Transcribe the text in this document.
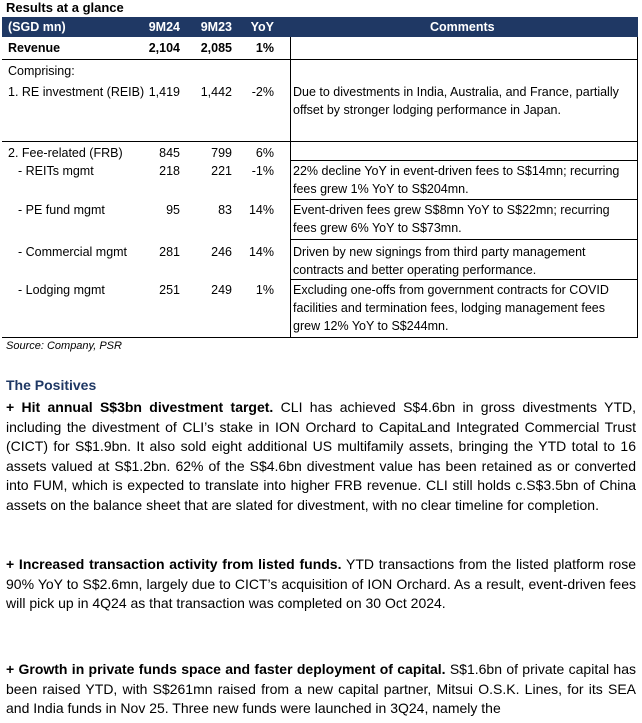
Results at a glance
(SGD mn)	9M24	9M23	YoY	Comments
Revenue	2,104	2,085	1%
Comprising:
1. RE investment (REIB) 1,419	1,442	-2% Due to divestments in India, Australia, and France, partially offset by stronger lodging performance in Japan.
2. Fee-related (FRB)	845	799	6%
- REITs mgmt	218	221	-1% 22% decline YoY in event-driven fees to S$14mn; recurring fees grew 1% YoY to S$204mn.
- PE fund mgmt	95	83	14% Event-driven fees grew S$8mn YoY to S$22mn; recurring fees grew 6% YoY to S$73mn.
- Commercial mgmt	281	246	14% Driven by new signings from third party management contracts and better operating performance.
- Lodging mgmt	251	249	1% Excluding one-offs from government contracts for COVID facilities and termination fees, lodging management fees grew 12% YoY to S$244mn.
Source: Company, PSR
The Positives
+ Hit annual S$3bn divestment target. CLI has achieved S$4.6bn in gross divestments YTD, including the divestment of CLI’s stake in ION Orchard to CapitaLand Integrated Commercial Trust (CICT) for S$1.9bn. It also sold eight additional US multifamily assets, bringing the YTD total to 16 assets valued at S$1.2bn. 62% of the S$4.6bn divestment value has been retained as or converted into FUM, which is expected to translate into higher FRB revenue. CLI still holds c.S$3.5bn of China assets on the balance sheet that are slated for divestment, with no clear timeline for completion.
+ Increased transaction activity from listed funds. YTD transactions from the listed platform rose 90% YoY to S$2.6mn, largely due to CICT’s acquisition of ION Orchard. As a result, event-driven fees will pick up in 4Q24 as that transaction was completed on 30 Oct 2024.
+ Growth in private funds space and faster deployment of capital. S$1.6bn of private capital has been raised YTD, with S$261mn raised from a new capital partner, Mitsui O.S.K. Lines, for its SEA and India funds in Nov 25. Three new funds were launched in 3Q24, namely the
